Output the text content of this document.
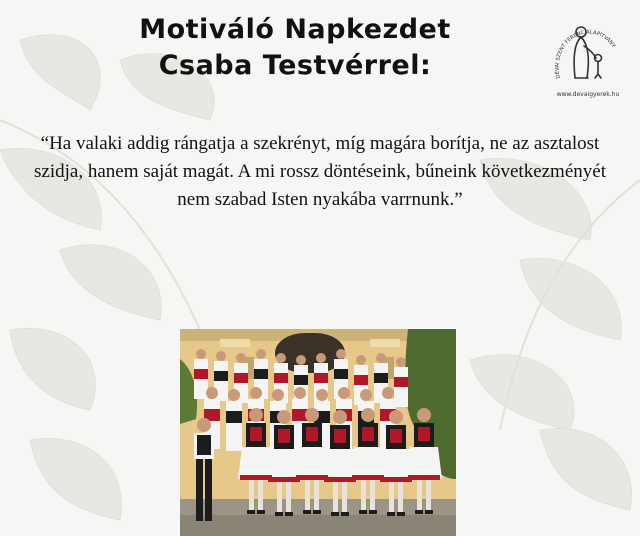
Motiváló Napkezdet
Csaba Testvérrel:	DÉVAI SZENT FERENC ALAPÍTVÁNY
www.devaigyerek.hu
“Ha valaki addig rángatja a szekrényt, míg magára borítja, ne az asztalost szidja, hanem saját magát. A mi rossz döntéseink, bűneink következményét nem szabad Isten nyakába varrnunk.”
